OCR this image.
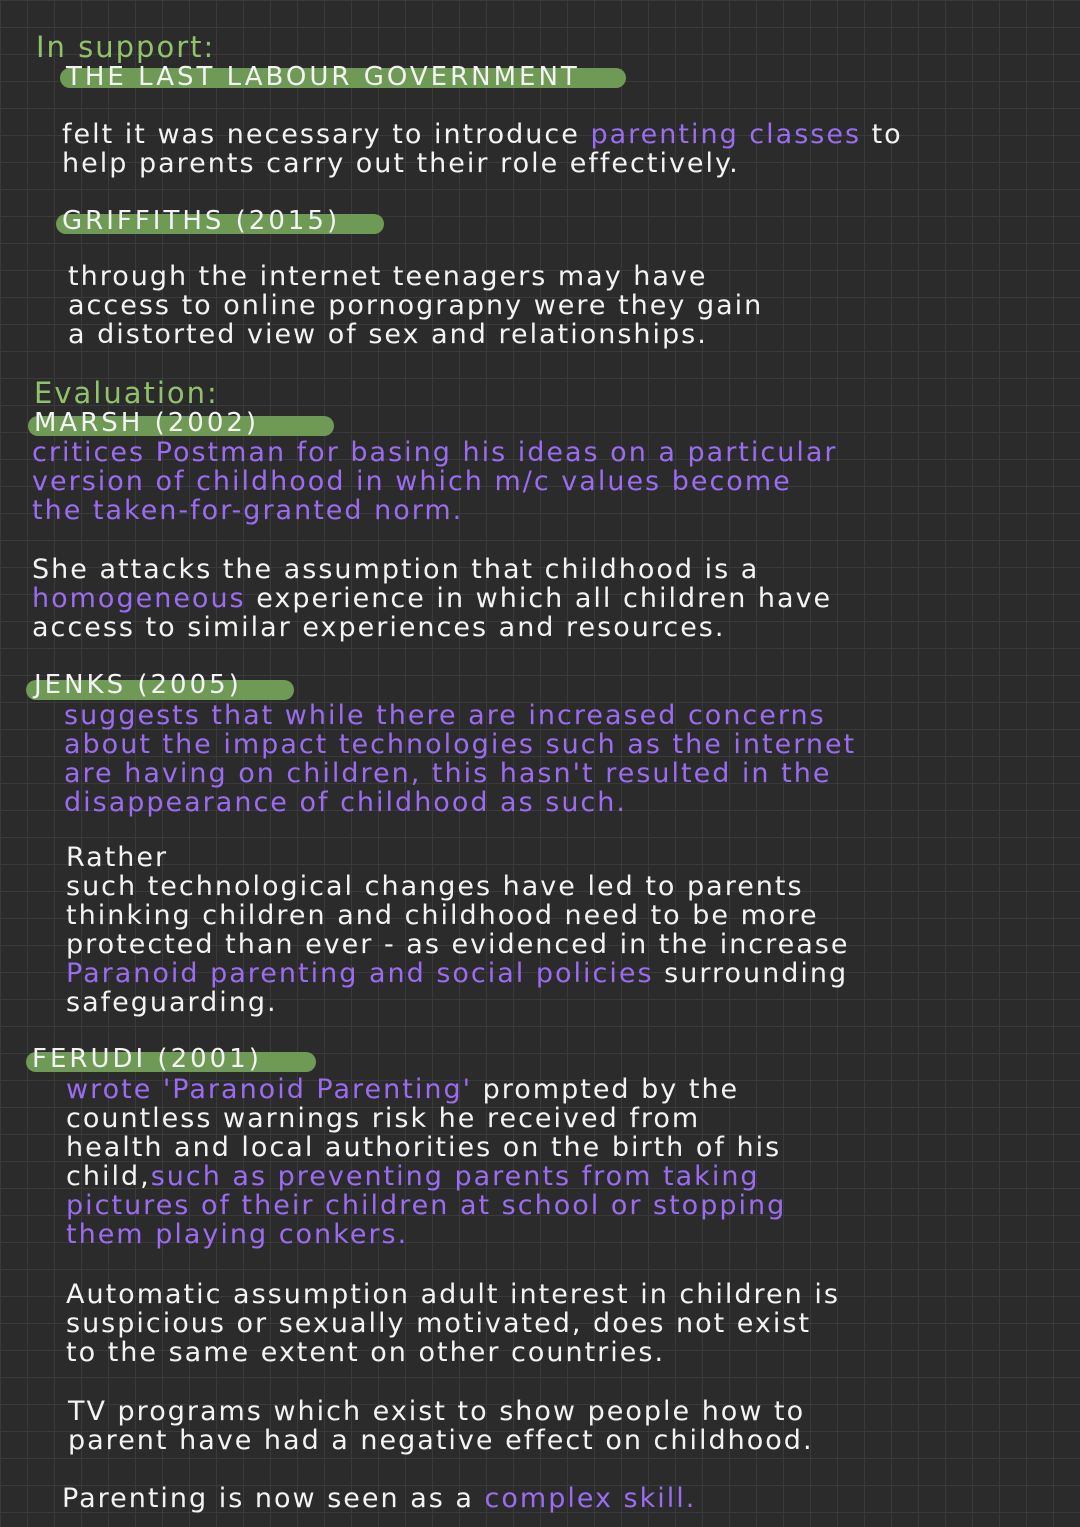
In support:
THE LAST LABOUR GOVERNMENT
felt it was necessary to introduce parenting classes to
help parents carry out their role effectively.
GRIFFITHS (2015)
through the internet teenagers may have
access to online pornograpny were they gain
a distorted view of sex and relationships.
Evaluation:
MARSH (2002)
critices Postman for basing his ideas on a particular
version of childhood in which m/c values become
the taken-for-granted norm.
She attacks the assumption that childhood is a
homogeneous experience in which all children have
access to similar experiences and resources.
JENKS (2005)
suggests that while there are increased concerns
about the impact technologies such as the internet
are having on children, this hasn't resulted in the
disappearance of childhood as such.
Rather
such technological changes have led to parents
thinking children and childhood need to be more
protected than ever - as evidenced in the increase
Paranoid parenting and social policies surrounding
safeguarding.
FERUDI (2001)
wrote 'Paranoid Parenting' prompted by the
countless warnings risk he received from
health and local authorities on the birth of his
child,such as preventing parents from taking
pictures of their children at school or stopping
them playing conkers.
Automatic assumption adult interest in children is
suspicious or sexually motivated, does not exist
to the same extent on other countries.
TV programs which exist to show people how to
parent have had a negative effect on childhood.
Parenting is now seen as a complex skill.
